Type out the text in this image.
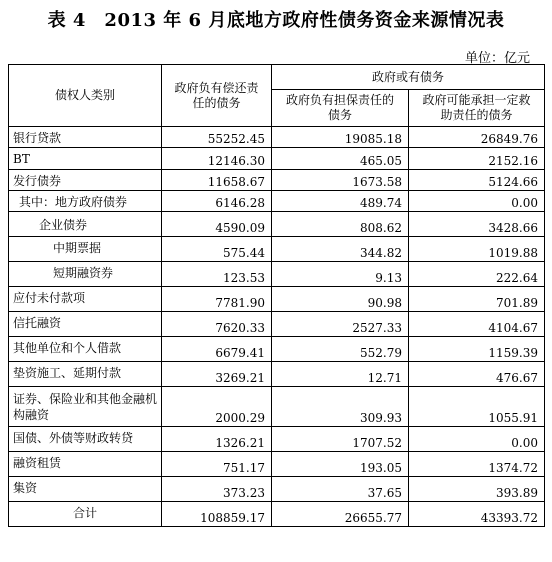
表 4　2013 年 6 月底地方政府性债务资金来源情况表
单位：亿元
债权人类别	政府负有偿还责任的债务	政府或有债务	
		政府负有担保责任的债务	政府可能承担一定救助责任的债务
银行贷款	55252.45	19085.18	26849.76
BT	12146.30	465.05	2152.16
发行债券	11658.67	1673.58	5124.66
其中：地方政府债券	6146.28	489.74	0.00
企业债券	4590.09	808.62	3428.66
中期票据	575.44	344.82	1019.88
短期融资券	123.53	9.13	222.64
应付未付款项	7781.90	90.98	701.89
信托融资	7620.33	2527.33	4104.67
其他单位和个人借款	6679.41	552.79	1159.39
垫资施工、延期付款	3269.21	12.71	476.67
证券、保险业和其他金融机构融资	2000.29	309.93	1055.91
国债、外债等财政转贷	1326.21	1707.52	0.00
融资租赁	751.17	193.05	1374.72
集资	373.23	37.65	393.89
合计	108859.17	26655.77	43393.72
